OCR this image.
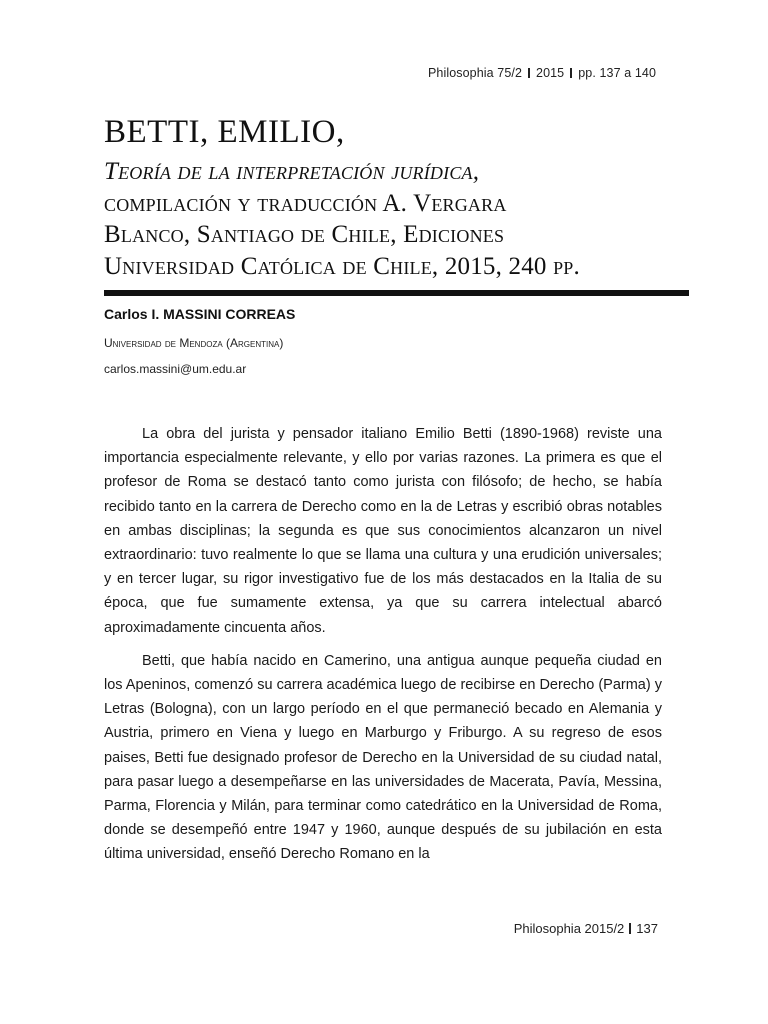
Philosophia 75/2 2015 pp. 137 a 140
BETTI, EMILIO,
Teoría de la interpretación jurídica,
compilación y traducción A. Vergara
Blanco, Santiago de Chile, Ediciones
Universidad Católica de Chile, 2015, 240 pp.
Carlos I. MASSINI CORREAS
Universidad de Mendoza (Argentina)
carlos.massini@um.edu.ar

La obra del jurista y pensador italiano Emilio Betti (1890-1968) reviste una importancia especialmente relevante, y ello por varias razones. La primera es que el profesor de Roma se destacó tanto como jurista con filósofo; de hecho, se había recibido tanto en la carrera de Derecho como en la de Letras y escribió obras notables en ambas disciplinas; la segunda es que sus conocimientos alcanzaron un nivel extraordinario: tuvo realmente lo que se llama una cultura y una erudición universales; y en tercer lugar, su rigor investigativo fue de los más destacados en la Italia de su época, que fue sumamente extensa, ya que su carrera intelectual abarcó aproximadamente cincuenta años.

Betti, que había nacido en Camerino, una antigua aunque pequeña ciudad en los Apeninos, comenzó su carrera académica luego de recibirse en Derecho (Parma) y Letras (Bologna), con un largo período en el que permaneció becado en Alemania y Austria, primero en Viena y luego en Marburgo y Friburgo. A su regreso de esos paises, Betti fue designado profesor de Derecho en la Universidad de su ciudad natal, para pasar luego a desempeñarse en las universidades de Macerata, Pavía, Messina, Parma, Florencia y Milán, para terminar como catedrático en la Universidad de Roma, donde se desempeñó entre 1947 y 1960, aunque después de su jubilación en esta última universidad, enseñó Derecho Romano en la

Philosophia 2015/2 137
